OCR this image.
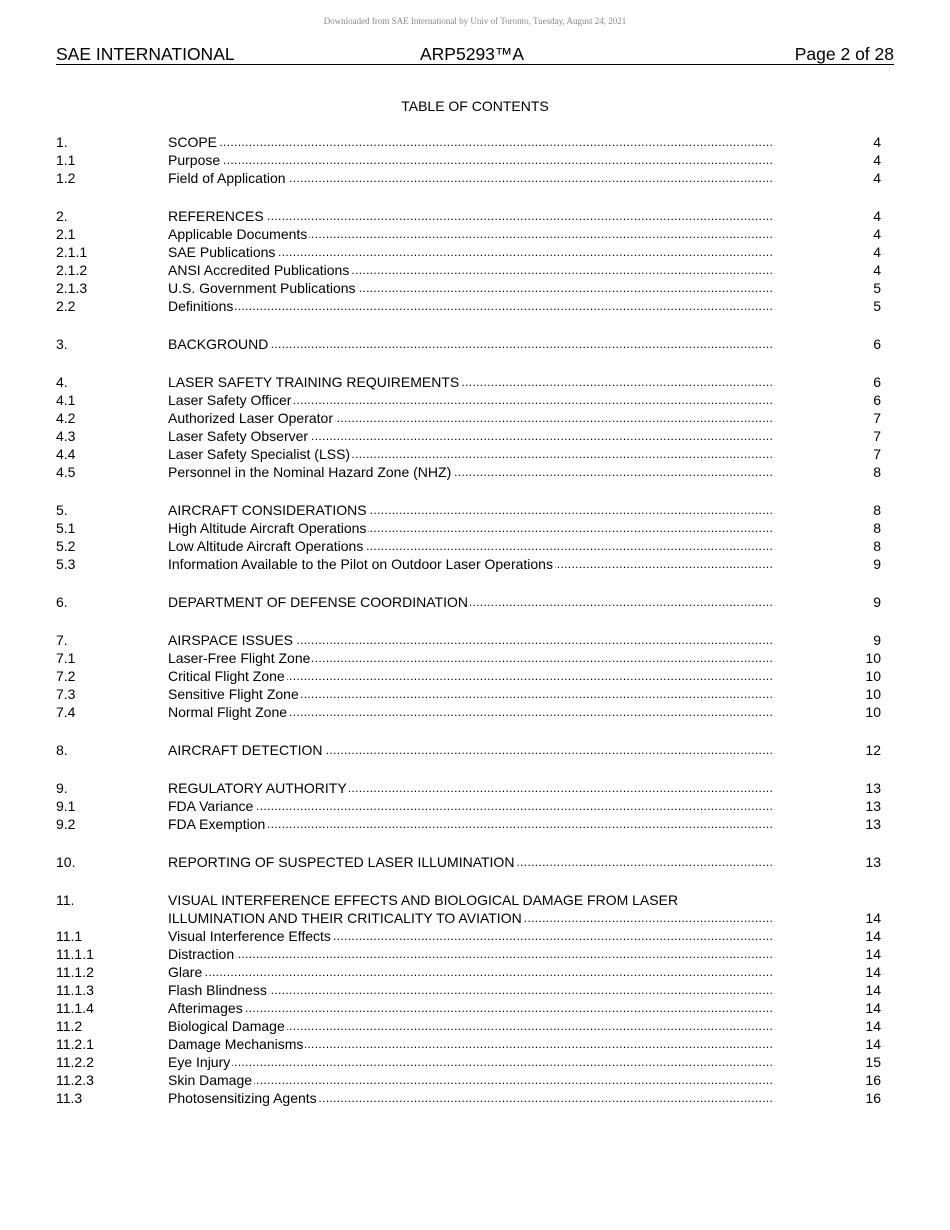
Downloaded from SAE International by Univ of Toronto, Tuesday, August 24, 2021
SAE INTERNATIONAL	ARP5293™A	Page 2 of 28
TABLE OF CONTENTS
1.	. . . SCOPE	4
1.1	. . . Purpose	4
1.2	. . . Field of Application	4
2.	. . . REFERENCES	4
2.1	. . . Applicable Documents	4
2.1.1	. . . SAE Publications	4
2.1.2	. . . ANSI Accredited Publications	4
2.1.3	. . . U.S. Government Publications	5
2.2	. . . Definitions	5
3.	. . . BACKGROUND	6
4.	. . . LASER SAFETY TRAINING REQUIREMENTS	6
4.1	. . . Laser Safety Officer	6
4.2	. . . Authorized Laser Operator	7
4.3	. . . Laser Safety Observer	7
4.4	. . . Laser Safety Specialist (LSS)	7
4.5	. . . Personnel in the Nominal Hazard Zone (NHZ)	8
5.	. . . AIRCRAFT CONSIDERATIONS	8
5.1	. . . High Altitude Aircraft Operations	8
5.2	. . . Low Altitude Aircraft Operations	8
5.3	. . . Information Available to the Pilot on Outdoor Laser Operations	9
6.	. . . DEPARTMENT OF DEFENSE COORDINATION	9
7.	. . . AIRSPACE ISSUES	9
7.1	. . . Laser-Free Flight Zone	10
7.2	. . . Critical Flight Zone	10
7.3	. . . Sensitive Flight Zone	10
7.4	. . . Normal Flight Zone	10
8.	. . . AIRCRAFT DETECTION	12
9.	. . . REGULATORY AUTHORITY	13
9.1	. . . FDA Variance	13
9.2	. . . FDA Exemption	13
10.	. . . REPORTING OF SUSPECTED LASER ILLUMINATION	13
11.	. . . VISUAL INTERFERENCE EFFECTS AND BIOLOGICAL DAMAGE FROM LASER
ILLUMINATION AND THEIR CRITICALITY TO AVIATION	14
11.1	. . . Visual Interference Effects	14
11.1.1	. . . Distraction	14
11.1.2	. . . Glare	14
11.1.3	. . . Flash Blindness	14
11.1.4	. . . Afterimages	14
11.2	. . . Biological Damage	14
11.2.1	. . . Damage Mechanisms	14
11.2.2	. . . Eye Injury	15
11.2.3	. . . Skin Damage	16
11.3	. . . Photosensitizing Agents	16
